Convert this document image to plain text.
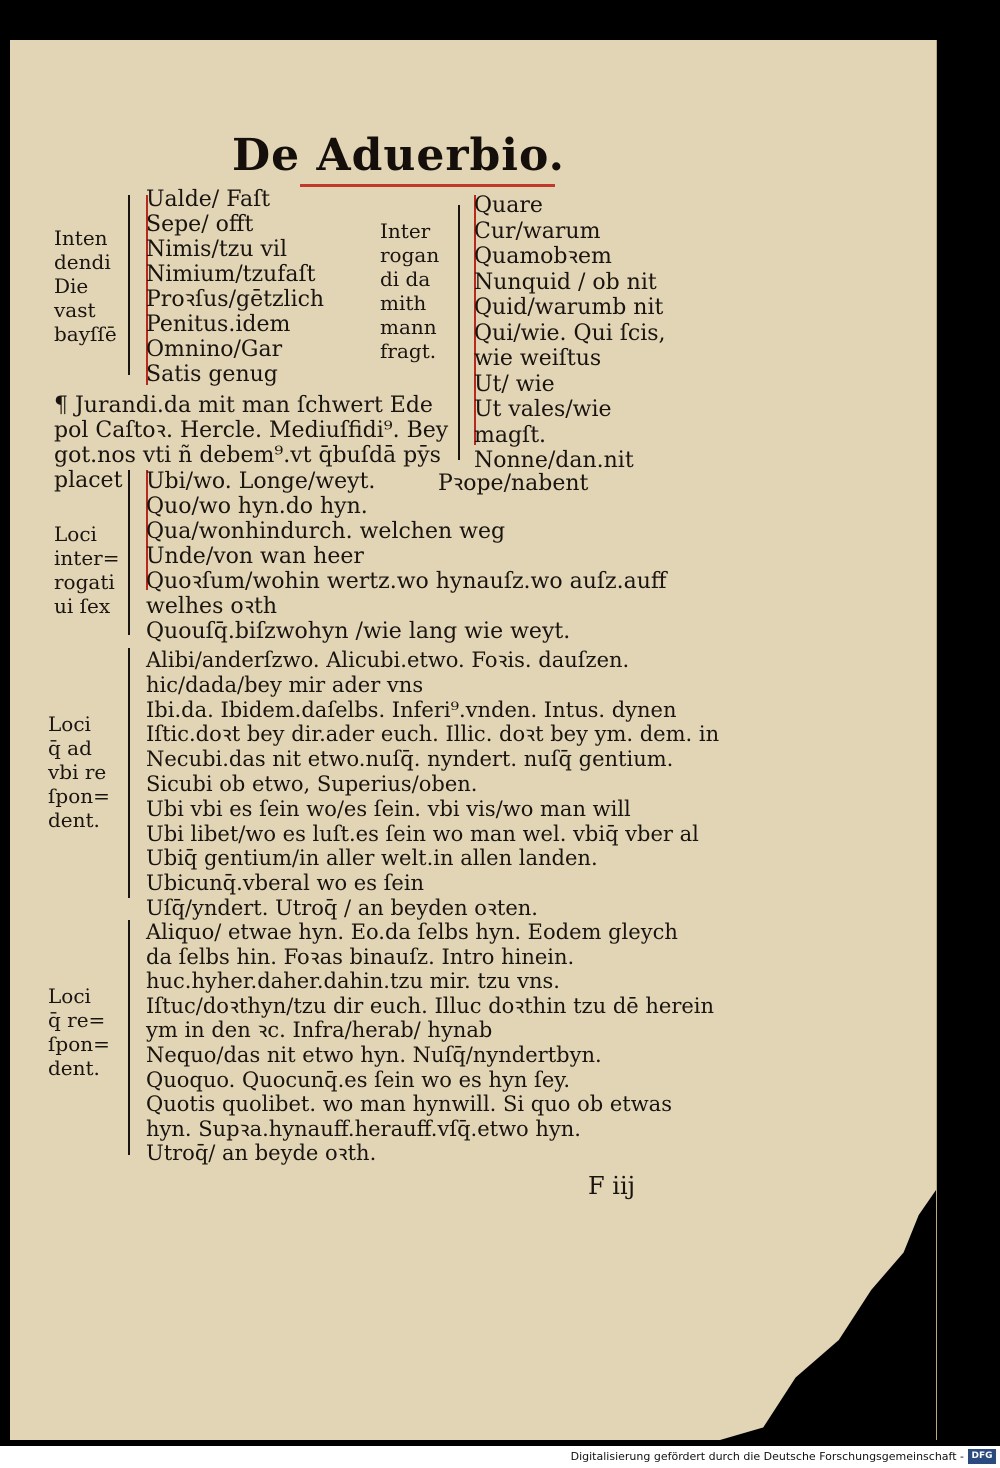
De Aduerbio.
Inten
dendi
Die
vast
bayſſē
Ualde/ Faſt
Sepe/ offt
Nimis/tzu vil
Nimium/tzufaſt
Proꝛſus/gētzlich
Penitus.idem
Omnino/Gar
Satis genug
Inter
rogan
di da
mith
mann
fragt.
Quare
Cur/warum
Quamobꝛem
Nunquid / ob nit
Quid/warumb nit
Qui/wie. Qui ſcis,
wie weiſtus
Ut/ wie
Ut vales/wie
magſt.
Nonne/dan.nit
¶ Jurandi.da mit man ſchwert Ede
pol Caſtoꝛ. Hercle. Mediuſfidi⁹. Bey
got.nos vti ñ debem⁹.vt q̄buſdā pȳs
placet	Pꝛope/nabent
Loci
inter=
rogati
ui ſex
Ubi/wo. Longe/weyt.
Quo/wo hyn.do hyn.
Qua/wonhindurch. welchen weg
Unde/von wan heer
Quoꝛſum/wohin wertz.wo hynauſz.wo auſz.auff
welhes oꝛth
Quouſq̄.biſzwohyn /wie lang wie weyt.
Loci
q̄ ad
vbi re
ſpon=
dent.
Alibi/anderſzwo. Alicubi.etwo. Foꝛis. dauſzen.
hic/dada/bey mir ader vns
Ibi.da. Ibidem.daſelbs. Inferi⁹.vnden. Intus. dynen
Iſtic.doꝛt bey dir.ader euch. Illic. doꝛt bey ym. dem. in
Necubi.das nit etwo.nuſq̄. nyndert. nuſq̄ gentium.
Sicubi ob etwo, Superius/oben.
Ubi vbi es ſein wo/es ſein. vbi vis/wo man will
Ubi libet/wo es luſt.es ſein wo man wel. vbiq̄ vber al
Ubiq̄ gentium/in aller welt.in allen landen.
Ubicunq̄.vberal wo es ſein
Uſq̄/yndert. Utroq̄ / an beyden oꝛten.
Loci
q̄ re=
ſpon=
dent.
Aliquo/ etwae hyn. Eo.da ſelbs hyn. Eodem gleych
da ſelbs hin. Foꝛas binauſz. Intro hinein.
huc.hyher.daher.dahin.tzu mir. tzu vns.
Iſtuc/doꝛthyn/tzu dir euch. Illuc doꝛthin tzu dē herein
ym in den ꝛc. Infra/herab/ hynab
Nequo/das nit etwo hyn. Nuſq̄/nyndertbyn.
Quoquo. Quocunq̄.es ſein wo es hyn ſey.
Quotis quolibet. wo man hynwill. Si quo ob etwas
hyn. Supꝛa.hynauff.herauff.vſq̄.etwo hyn.
Utroq̄/ an beyde oꝛth.
F iij
Digitalisierung gefördert durch die Deutsche Forschungsgemeinschaft - DFG
